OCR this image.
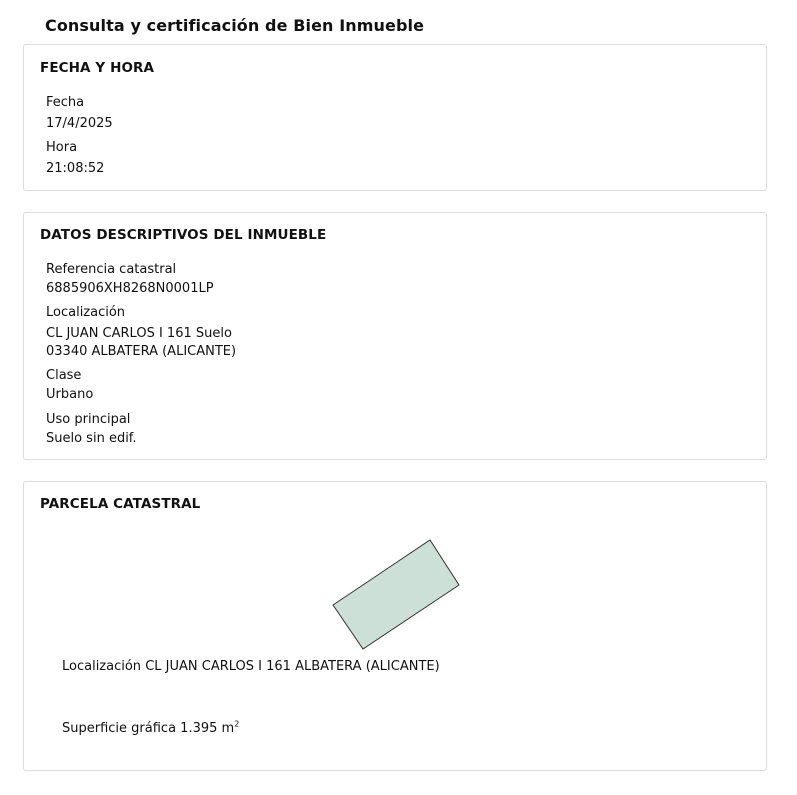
Consulta y certificación de Bien Inmueble
FECHA Y HORA
Fecha
17/4/2025
Hora
21:08:52
DATOS DESCRIPTIVOS DEL INMUEBLE
Referencia catastral
6885906XH8268N0001LP
Localización
CL JUAN CARLOS I 161 Suelo
03340 ALBATERA (ALICANTE)
Clase
Urbano
Uso principal
Suelo sin edif.
PARCELA CATASTRAL
Localización CL JUAN CARLOS I 161 ALBATERA (ALICANTE)
Superficie gráfica 1.395 $m^2$
